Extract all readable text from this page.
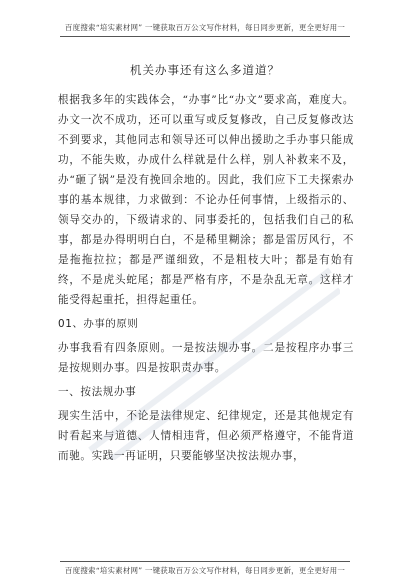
百度搜索“培实素材网” 一键获取百万公文写作材料，每日同步更新，更全更好用一
机关办事还有这么多道道？

根据我多年的实践体会，“办事”比“办文”要求高，难度大。办文一次不成功，还可以重写或反复修改，自己反复修改达不到要求，其他同志和领导还可以伸出援助之手办事只能成功，不能失败，办成什么样就是什么样，别人补救来不及，办“砸了锅”是没有挽回余地的。因此，我们应下工夫探索办事的基本规律，力求做到：不论办任何事情，上级指示的、领导交办的，下级请求的、同事委托的，包括我们自己的私事，都是办得明明白白，不是稀里糊涂；都是雷厉风行，不是拖拖拉拉；都是严谨细致，不是粗枝大叶；都是有始有终，不是虎头蛇尾；都是严格有序，不是杂乱无章。这样才能受得起重托，担得起重任。

01、办事的原则

办事我看有四条原则。一是按法规办事。二是按程序办事三是按规则办事。四是按职责办事。

一、按法规办事

现实生活中，不论是法律规定、纪律规定，还是其他规定有时看起来与道德、人情相违背，但必须严格遵守，不能背道而驰。实践一再证明，只要能够坚决按法规办事，

百度搜索“培实素材网” 一键获取百万公文写作材料，每日同步更新，更全更好用一
